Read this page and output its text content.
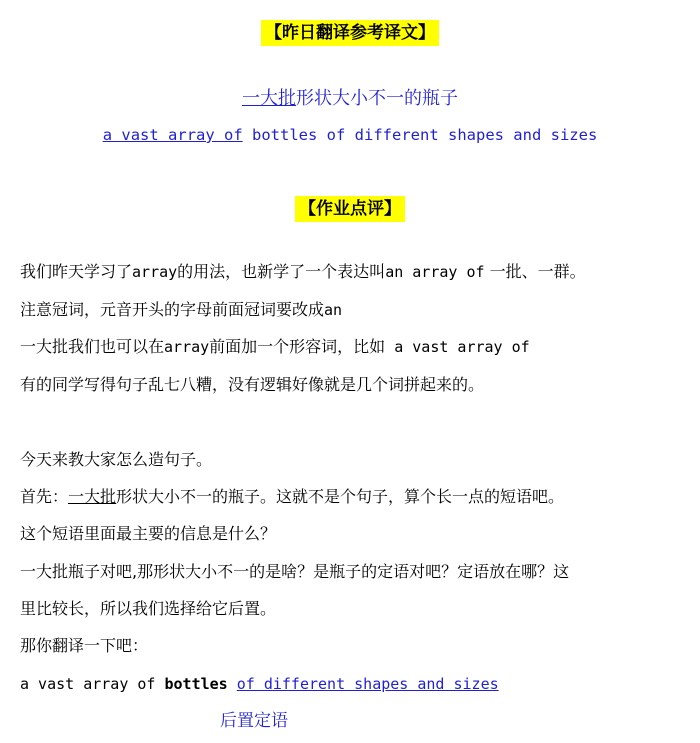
【昨日翻译参考译文】
一大批形状大小不一的瓶子
a vast array of bottles of different shapes and sizes
【作业点评】
我们昨天学习了array的用法，也新学了一个表达叫an array of 一批、一群。
注意冠词，元音开头的字母前面冠词要改成an
一大批我们也可以在array前面加一个形容词，比如 a vast array of
有的同学写得句子乱七八糟，没有逻辑好像就是几个词拼起来的。
今天来教大家怎么造句子。
首先：一大批形状大小不一的瓶子。这就不是个句子，算个长一点的短语吧。
这个短语里面最主要的信息是什么？
一大批瓶子对吧,那形状大小不一的是啥？是瓶子的定语对吧？定语放在哪？这
里比较长，所以我们选择给它后置。
那你翻译一下吧：
a vast array of bottles of different shapes and sizes
后置定语
